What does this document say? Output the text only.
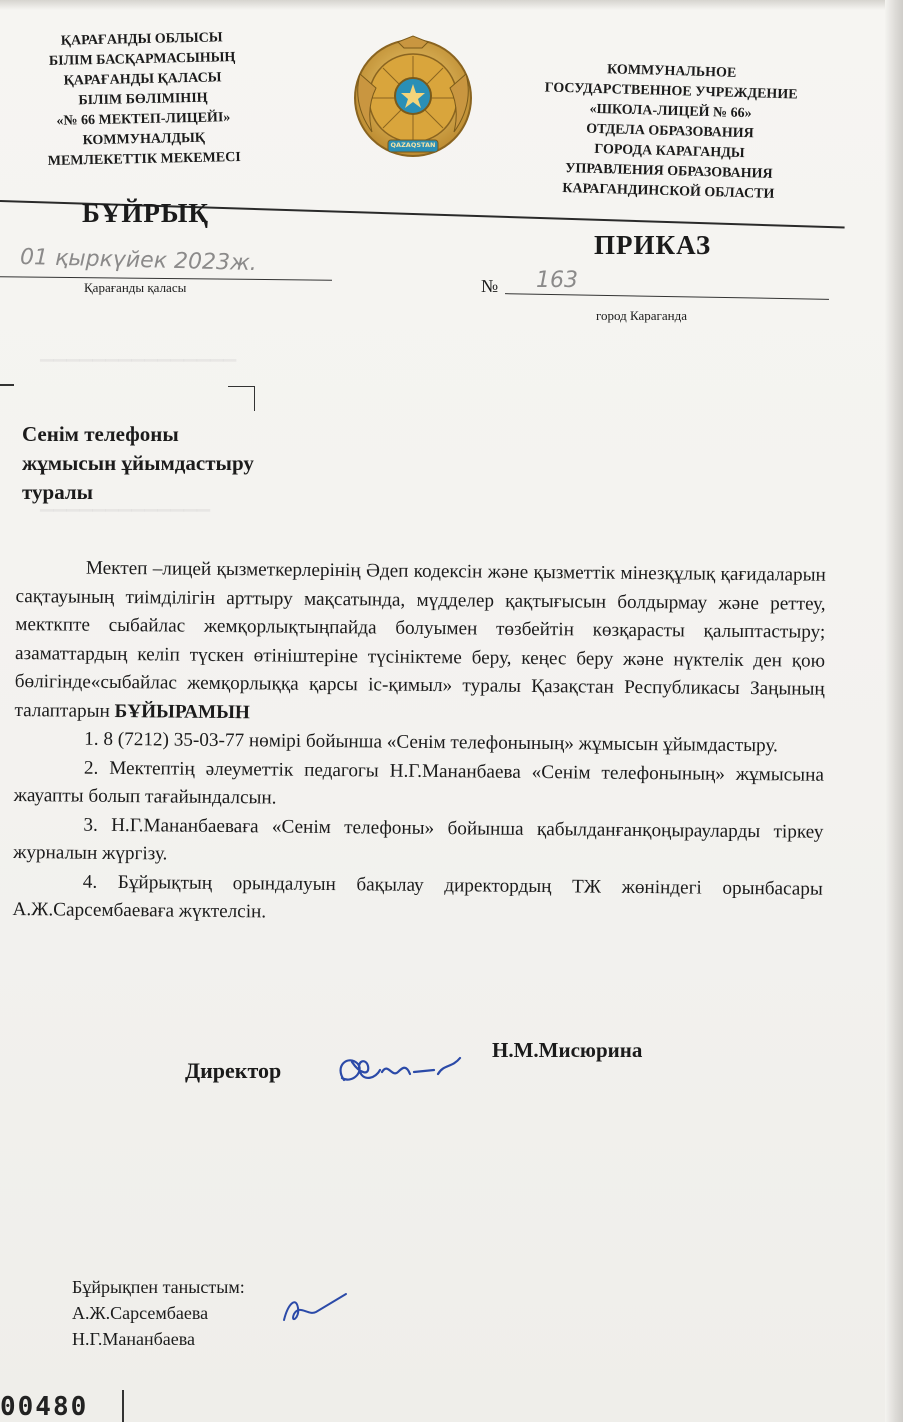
▔▔▔▔▔▔▔▔▔▔▔▔▔▔▔
▔▔▔▔▔▔▔▔▔▔▔▔▔
ҚАРАҒАНДЫ ОБЛЫСЫ
БІЛІМ БАСҚАРМАСЫНЫҢ
ҚАРАҒАНДЫ ҚАЛАСЫ
БІЛІМ БӨЛІМІНІҢ
«№ 66 МЕКТЕП-ЛИЦЕЙІ»
КОММУНАЛДЫҚ
МЕМЛЕКЕТТІК МЕКЕМЕСІ
QAZAQSTAN
КОММУНАЛЬНОЕ
ГОСУДАРСТВЕННОЕ УЧРЕЖДЕНИЕ
«ШКОЛА-ЛИЦЕЙ № 66»
ОТДЕЛА ОБРАЗОВАНИЯ
ГОРОДА КАРАГАНДЫ
УПРАВЛЕНИЯ ОБРАЗОВАНИЯ
КАРАГАНДИНСКОЙ ОБЛАСТИ
БҰЙРЫҚ
ПРИКАЗ
01 қыркүйек 2023ж.
Қарағанды қаласы	№ 163
город Караганда
Сенім телефоны
жұмысын ұйымдастыру
туралы

Мектеп –лицей қызметкерлерінің Әдеп кодексін және қызметтік мінезқұлық қағидаларын сақтауының тиімділігін арттыру мақсатында, мүдделер қақтығысын болдырмау және реттеу, мекткпте сыбайлас жемқорлықтыңпайда болуымен төзбейтін көзқарасты қалыптастыру; азаматтардың келіп түскен өтініштеріне түсініктеме беру, кеңес беру және нүктелік ден қою бөлігінде«сыбайлас жемқорлыққа қарсы іс-қимыл» туралы Қазақстан Республикасы Заңының талаптарын БҰЙЫРАМЫН

1. 8 (7212) 35-03-77 нөмірі бойынша «Сенім телефонының» жұмысын ұйымдастыру.

2. Мектептің әлеуметтік педагогы Н.Г.Мананбаева «Сенім телефонының» жұмысына жауапты болып тағайындалсын.

3. Н.Г.Мананбаеваға «Сенім телефоны» бойынша қабылданғанқоңырауларды тіркеу журналын жүргізу.

4. Бұйрықтың орындалуын бақылау директордың ТЖ жөніндегі орынбасары А.Ж.Сарсембаеваға жүктелсін.

Директор
Н.М.Мисюрина
Бұйрықпен таныстым:
А.Ж.Сарсембаева
Н.Г.Мананбаева
00480
